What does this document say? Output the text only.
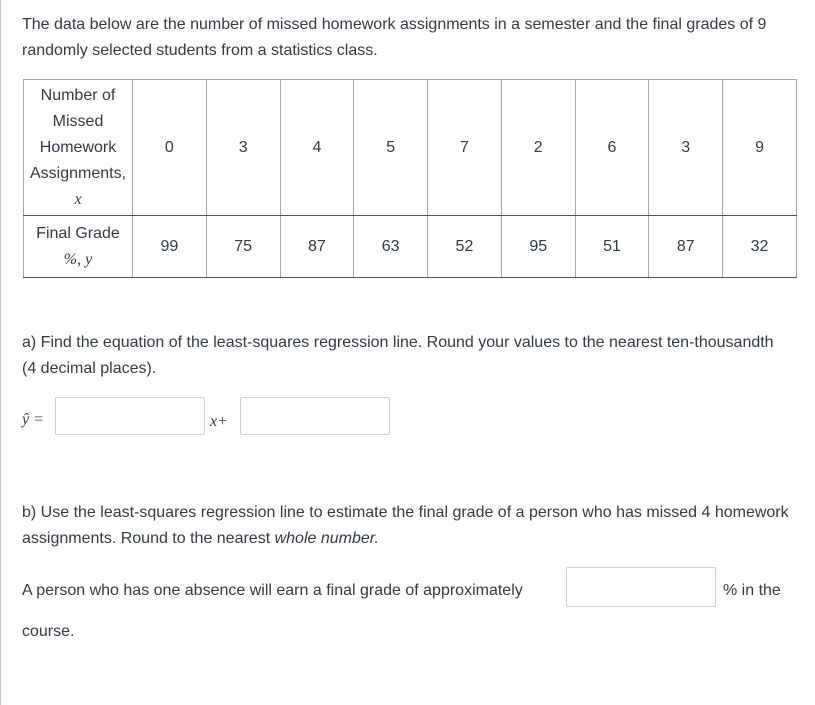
The data below are the number of missed homework assignments in a semester and the final grades of 9 randomly selected students from a statistics class.
Number of
Missed
Homework
Assignments,
x	0	3	4	5	7	2	6	3	9

Final Grade
%, y	99	75	87	63	52	95	51	87	32
a) Find the equation of the least-squares regression line. Round your values to the nearest ten-thousandth (4 decimal places).
ŷ =	x+
b) Use the least-squares regression line to estimate the final grade of a person who has missed 4 homework assignments. Round to the nearest whole number.
A person who has one absence will earn a final grade of approximately	% in the
course.
